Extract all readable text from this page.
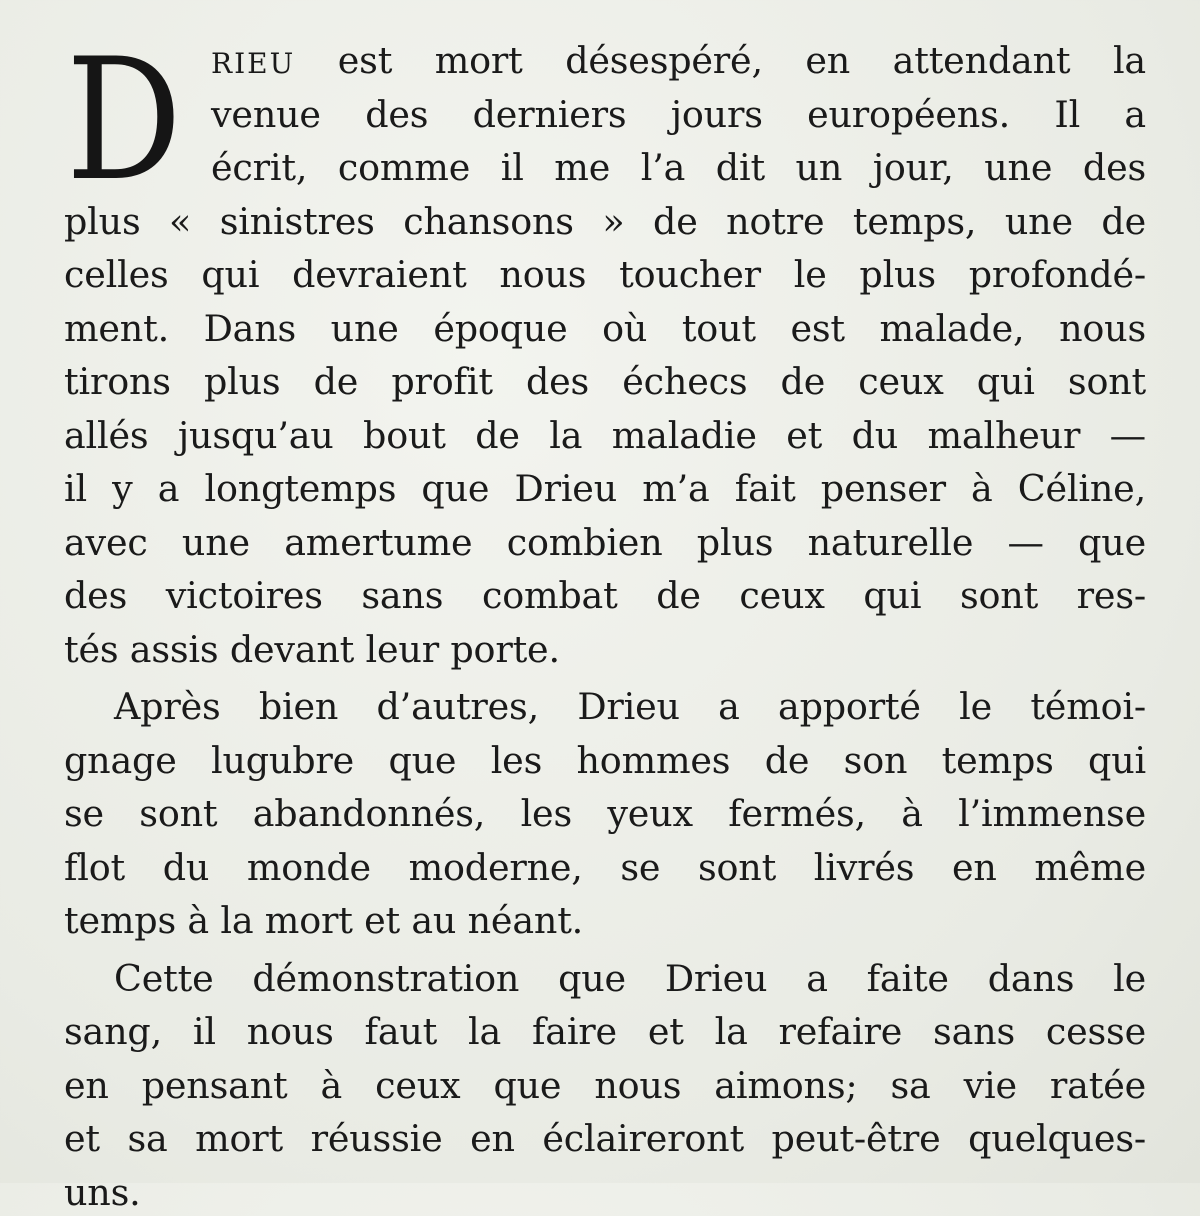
D RIEU est mort désespéré, en attendant la
venue des derniers jours européens. Il a
écrit, comme il me l’a dit un jour, une des
plus « sinistres chansons » de notre temps, une de
celles qui devraient nous toucher le plus profondé-
ment. Dans une époque où tout est malade, nous
tirons plus de profit des échecs de ceux qui sont
allés jusqu’au bout de la maladie et du malheur —
il y a longtemps que Drieu m’a fait penser à Céline,
avec une amertume combien plus naturelle — que
des victoires sans combat de ceux qui sont res-
tés assis devant leur porte.
Après bien d’autres, Drieu a apporté le témoi-
gnage lugubre que les hommes de son temps qui
se sont abandonnés, les yeux fermés, à l’immense
flot du monde moderne, se sont livrés en même
temps à la mort et au néant.
Cette démonstration que Drieu a faite dans le
sang, il nous faut la faire et la refaire sans cesse
en pensant à ceux que nous aimons; sa vie ratée
et sa mort réussie en éclaireront peut-être quelques-
uns.
